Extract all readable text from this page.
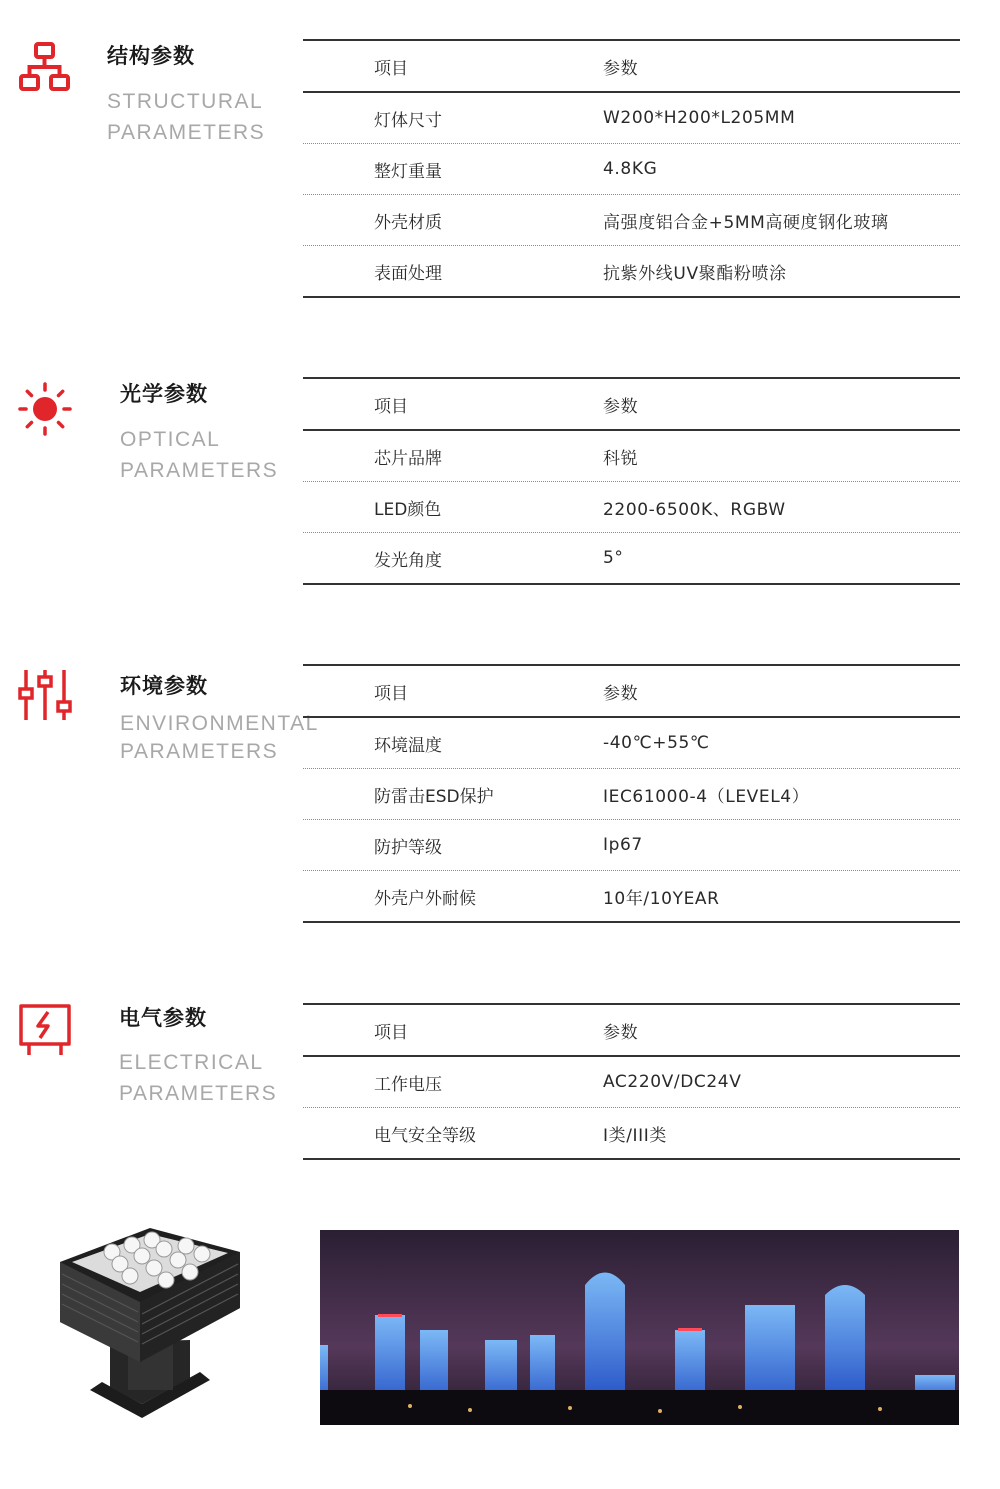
结构参数
STRUCTURAL
PARAMETERS
项目	参数
灯体尺寸	W200*H200*L205MM
整灯重量	4.8KG
外壳材质	高强度铝合金+5MM高硬度钢化玻璃
表面处理	抗紫外线UV聚酯粉喷涂
光学参数
OPTICAL
PARAMETERS
项目	参数
芯片品牌	科锐
LED颜色	2200-6500K、RGBW
发光角度	5°
环境参数
ENVIRONMENTAL
PARAMETERS
项目	参数
环境温度	-40℃+55℃
防雷击ESD保护	IEC61000-4（LEVEL4）
防护等级	Ip67
外壳户外耐候	10年/10YEAR
电气参数
ELECTRICAL
PARAMETERS
项目	参数
工作电压	AC220V/DC24V
电气安全等级	I类/III类
